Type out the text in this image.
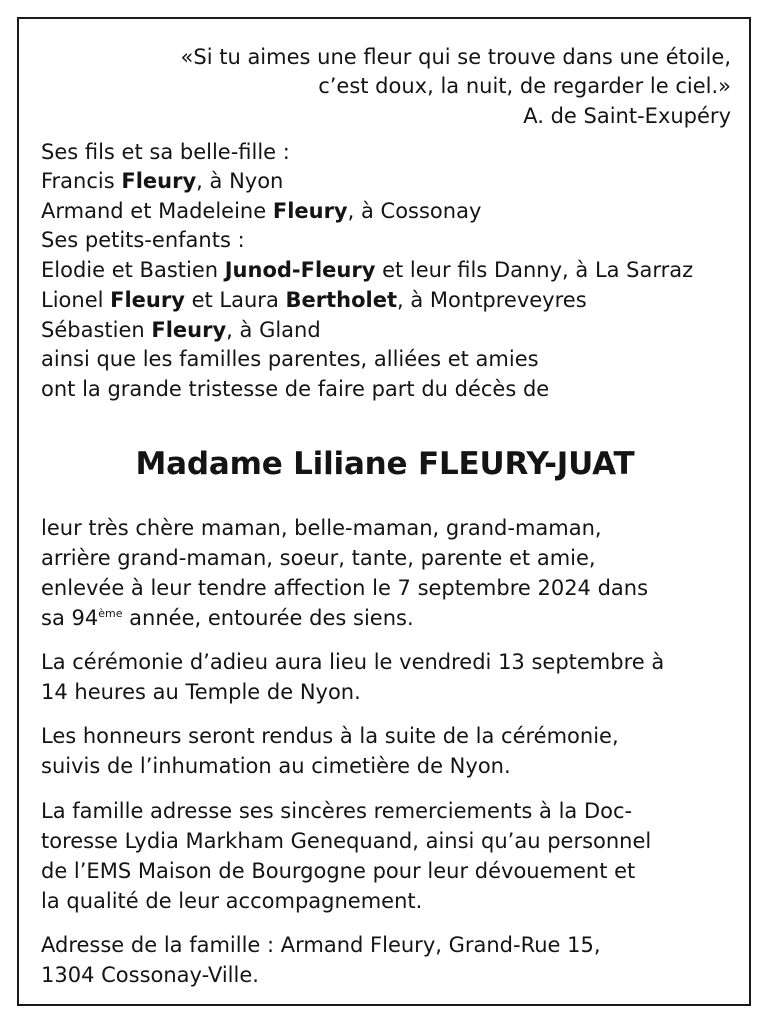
«Si tu aimes une fleur qui se trouve dans une étoile,
c’est doux, la nuit, de regarder le ciel.»
A. de Saint-Exupéry
Ses fils et sa belle-fille :
Francis Fleury, à Nyon
Armand et Madeleine Fleury, à Cossonay
Ses petits-enfants :
Elodie et Bastien Junod-Fleury et leur fils Danny, à La Sarraz
Lionel Fleury et Laura Bertholet, à Montpreveyres
Sébastien Fleury, à Gland
ainsi que les familles parentes, alliées et amies
ont la grande tristesse de faire part du décès de
Madame Liliane FLEURY-JUAT
leur très chère maman, belle-maman, grand-maman,
arrière grand-maman, soeur, tante, parente et amie,
enlevée à leur tendre affection le 7 septembre 2024 dans
sa 94ème année, entourée des siens.
La cérémonie d’adieu aura lieu le vendredi 13 septembre à
14 heures au Temple de Nyon.
Les honneurs seront rendus à la suite de la cérémonie,
suivis de l’inhumation au cimetière de Nyon.
La famille adresse ses sincères remerciements à la Doc-
toresse Lydia Markham Genequand, ainsi qu’au personnel
de l’EMS Maison de Bourgogne pour leur dévouement et
la qualité de leur accompagnement.
Adresse de la famille : Armand Fleury, Grand-Rue 15,
1304 Cossonay-Ville.
